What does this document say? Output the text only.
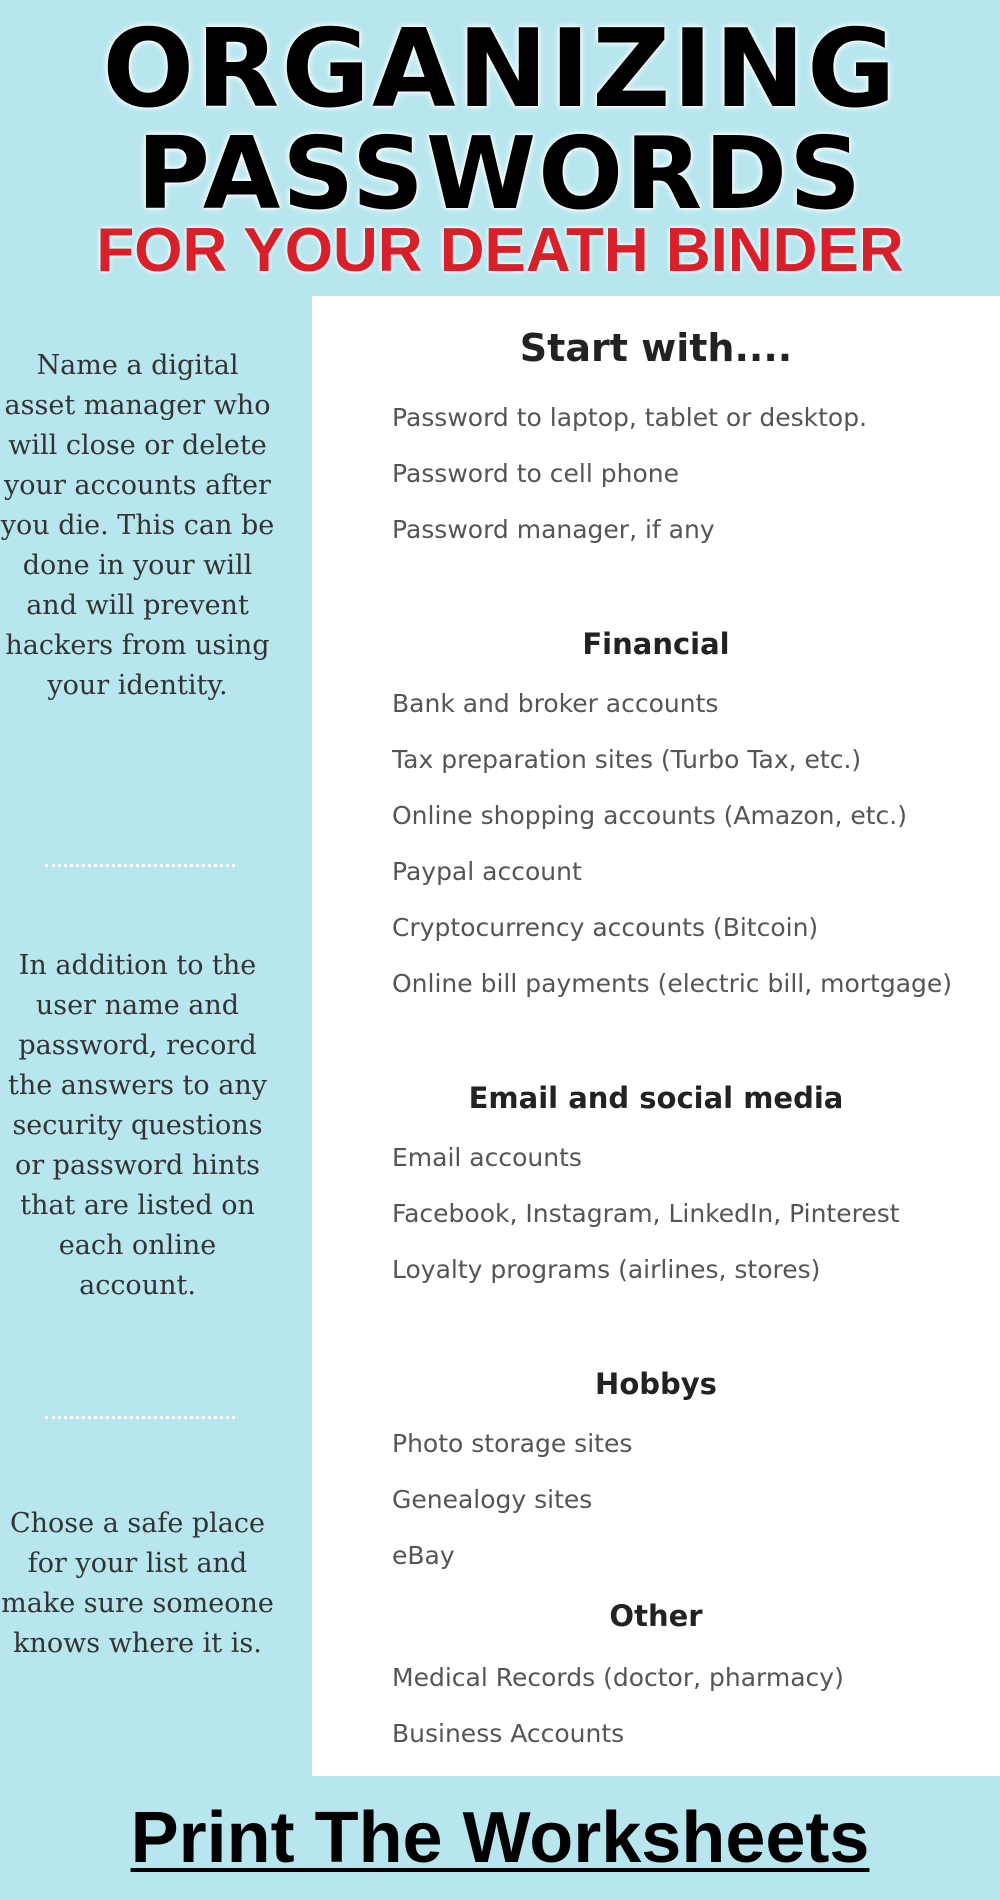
ORGANIZING
PASSWORDS
FOR YOUR DEATH BINDER
Name a digital asset manager who will close or delete your accounts after you die. This can be done in your will and will prevent hackers from using your identity.
In addition to the user name and password, record the answers to any security questions or password hints that are listed on each online account.
Chose a safe place for your list and make sure someone knows where it is.
Start with....
Password to laptop, tablet or desktop.
Password to cell phone
Password manager, if any
Financial
Bank and broker accounts
Tax preparation sites (Turbo Tax, etc.)
Online shopping accounts (Amazon, etc.)
Paypal account
Cryptocurrency accounts (Bitcoin)
Online bill payments (electric bill, mortgage)
Email and social media
Email accounts
Facebook, Instagram, LinkedIn, Pinterest
Loyalty programs (airlines, stores)
Hobbys
Photo storage sites
Genealogy sites
eBay
Other
Medical Records (doctor, pharmacy)
Business Accounts
Print The Worksheets
